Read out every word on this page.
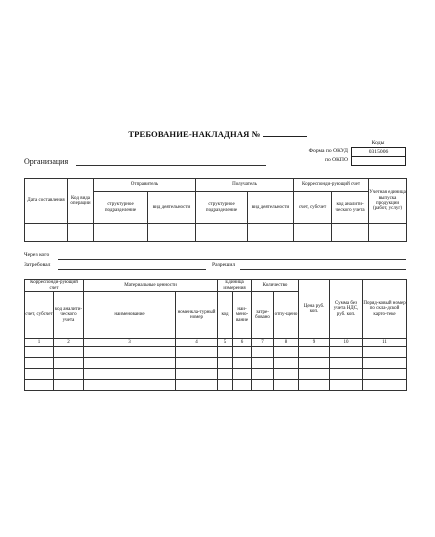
ТРЕБОВАНИЕ-НАКЛАДНАЯ №
Коды
0315006
Форма по ОКУД
по ОКПО
Организация
Дата составления	Код вида операции	Отправитель		Получатель		Корреспонди-рующий счет		Учетная единица выпуска продукции (работ, услуг)
		структурное подразделение	вид деятельности	структурное подразделение	вид деятельности	счет, субсчет	код аналити-ческого учета	

Через кого
Затребовал	Разрешил
Корреспонди-рующий счет		Материальные ценности		Единица измерения		Количество		Цена руб. коп.	Сумма без учета НДС, руб. коп.	Поряд-ковый номер по скла-дской карто-теке
счет, субсчет	код аналити-ческого учета	наименование	номенкла-турный номер	код	наи-мено-вание	затре-бовано	отпу-щено			
1	2	3	4	5	6	7	8	9	10	11
